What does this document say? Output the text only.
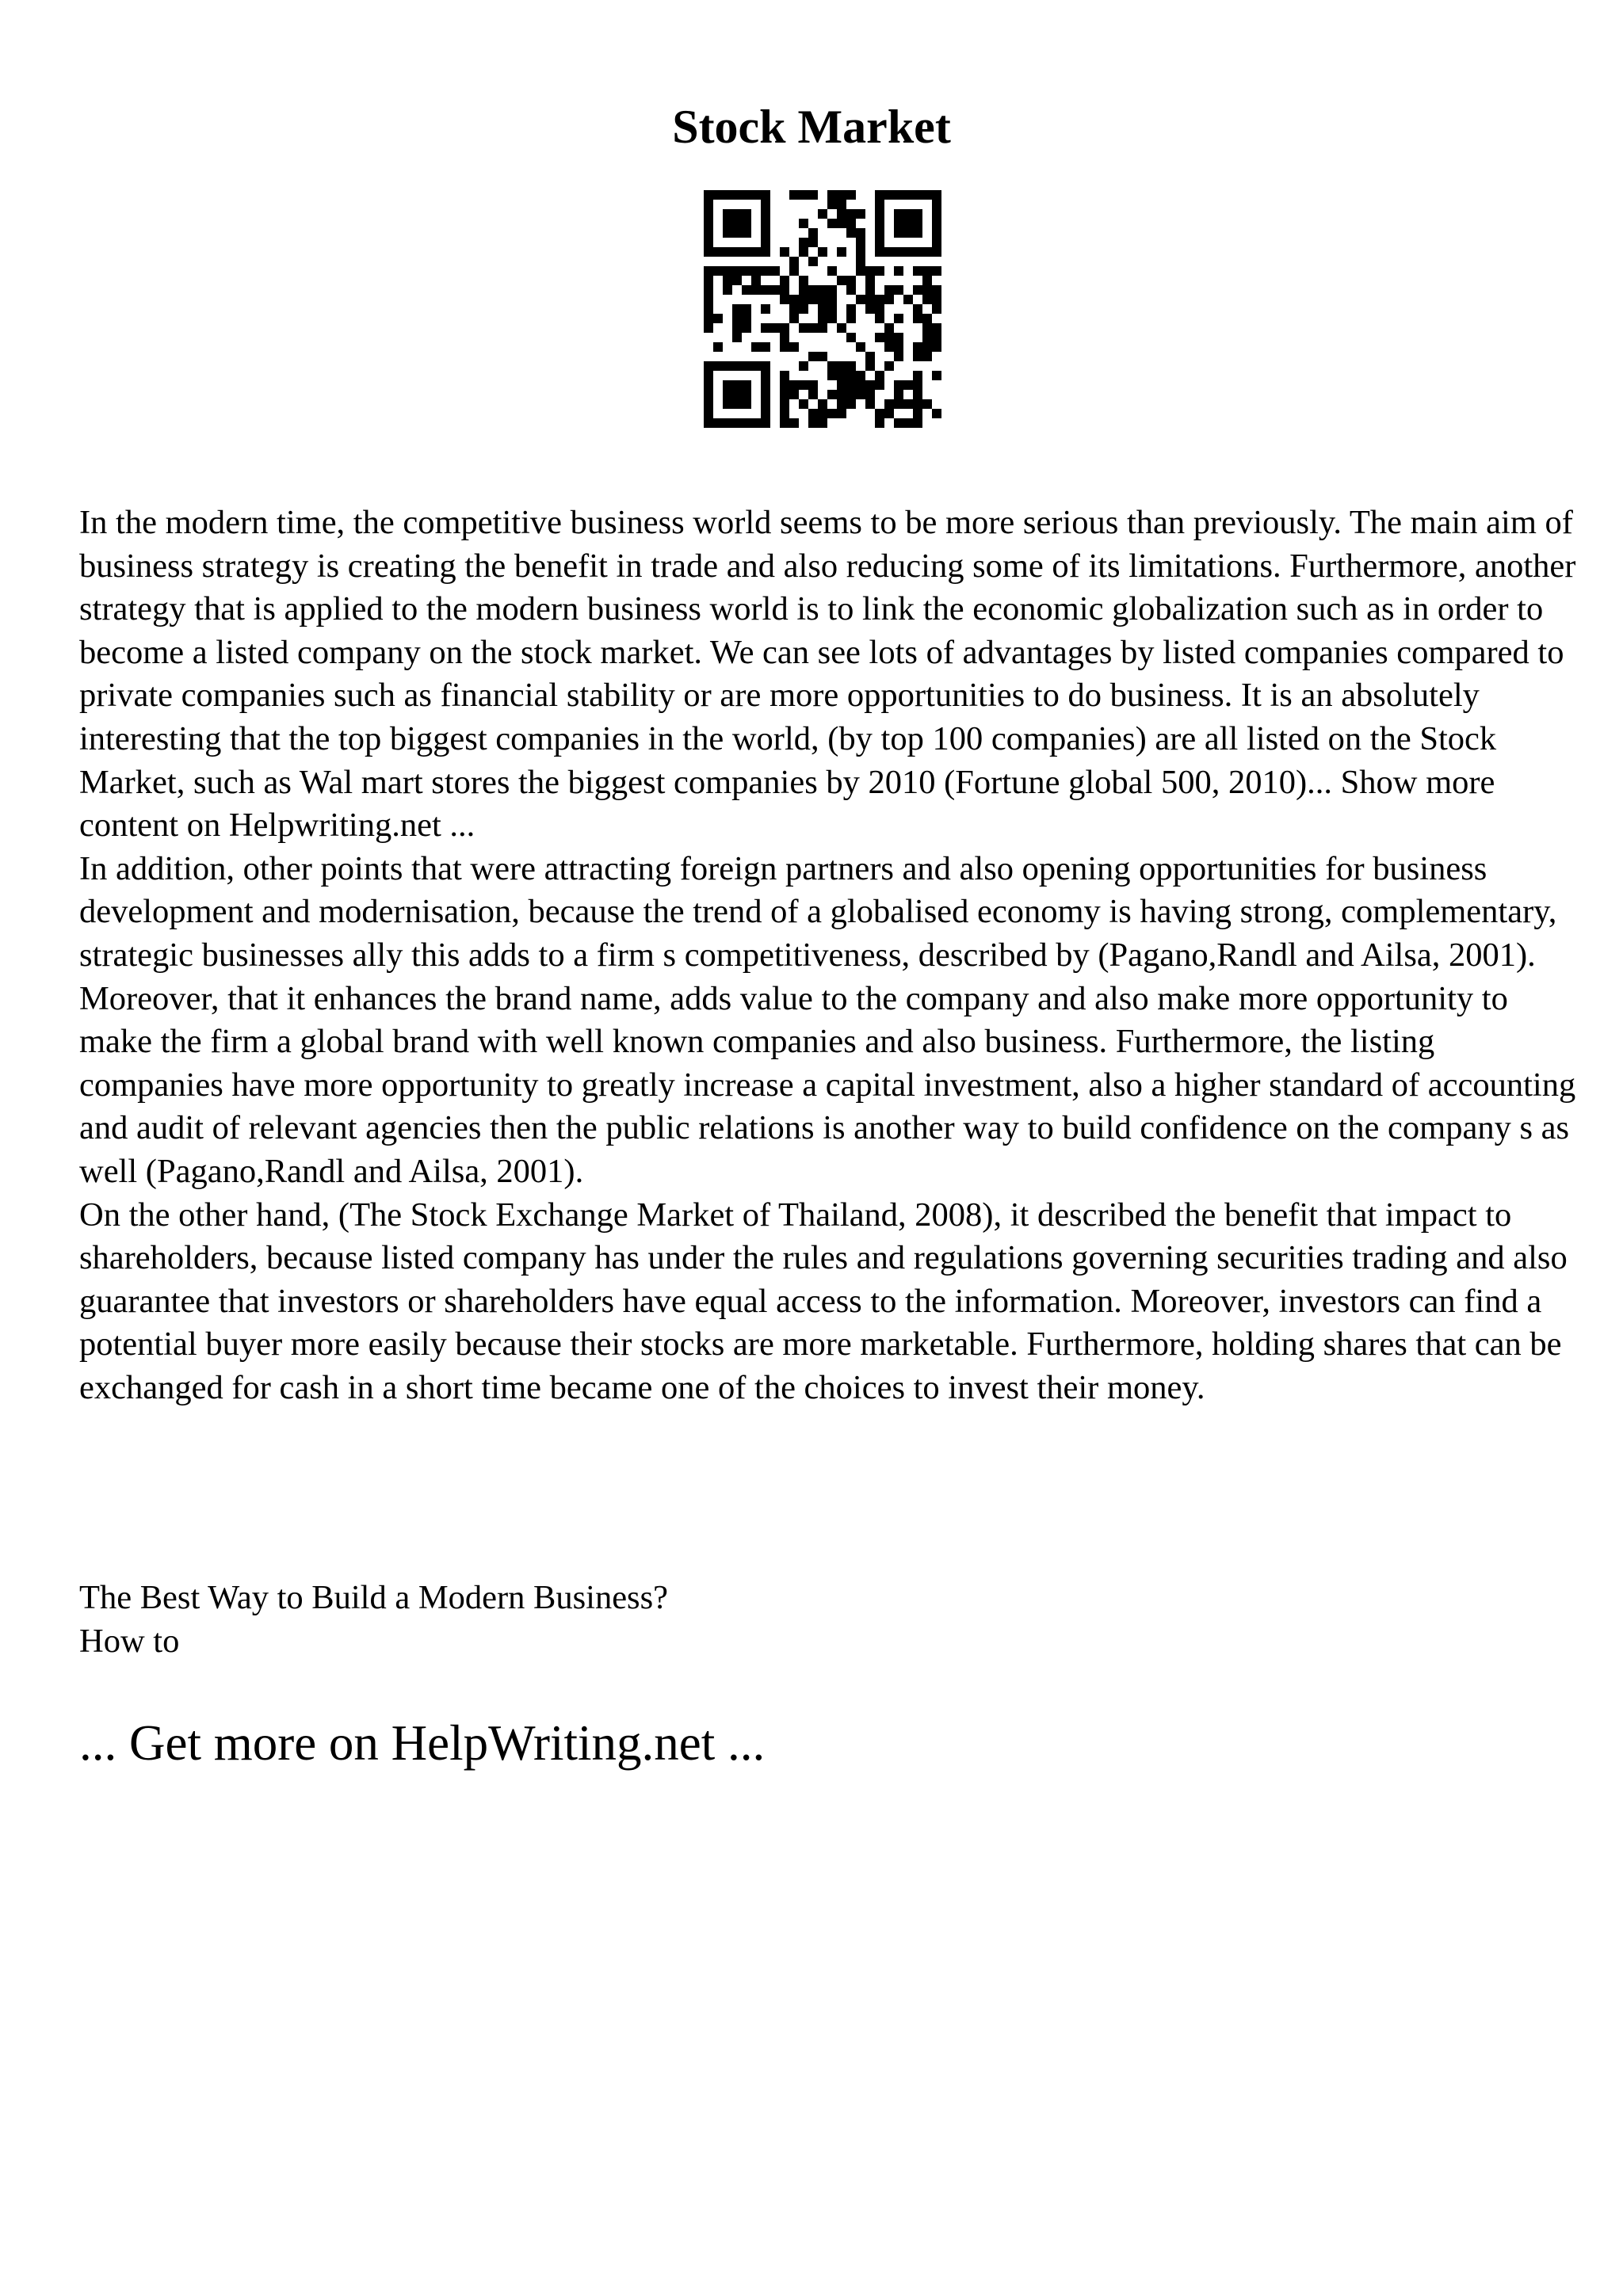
Stock Market

In the modern time, the competitive business world seems to be more serious than previously. The main aim of business strategy is creating the benefit in trade and also reducing some of its limitations. Furthermore, another strategy that is applied to the modern business world is to link the economic globalization such as in order to become a listed company on the stock market. We can see lots of advantages by listed companies compared to private companies such as financial stability or are more opportunities to do business. It is an absolutely interesting that the top biggest companies in the world, (by top 100 companies) are all listed on the Stock Market, such as Wal mart stores the biggest companies by 2010 (Fortune global 500, 2010)... Show more content on Helpwriting.net ...

In addition, other points that were attracting foreign partners and also opening opportunities for business development and modernisation, because the trend of a globalised economy is having strong, complementary, strategic businesses ally this adds to a firm s competitiveness, described by (Pagano,Randl and Ailsa, 2001).

Moreover, that it enhances the brand name, adds value to the company and also make more opportunity to make the firm a global brand with well known companies and also business. Furthermore, the listing companies have more opportunity to greatly increase a capital investment, also a higher standard of accounting and audit of relevant agencies then the public relations is another way to build confidence on the company s as well (Pagano,Randl and Ailsa, 2001).

On the other hand, (The Stock Exchange Market of Thailand, 2008), it described the benefit that impact to shareholders, because listed company has under the rules and regulations governing securities trading and also guarantee that investors or shareholders have equal access to the information. Moreover, investors can find a potential buyer more easily because their stocks are more marketable. Furthermore, holding shares that can be exchanged for cash in a short time became one of the choices to invest their money.

The Best Way to Build a Modern Business?
How to
... Get more on HelpWriting.net ...
